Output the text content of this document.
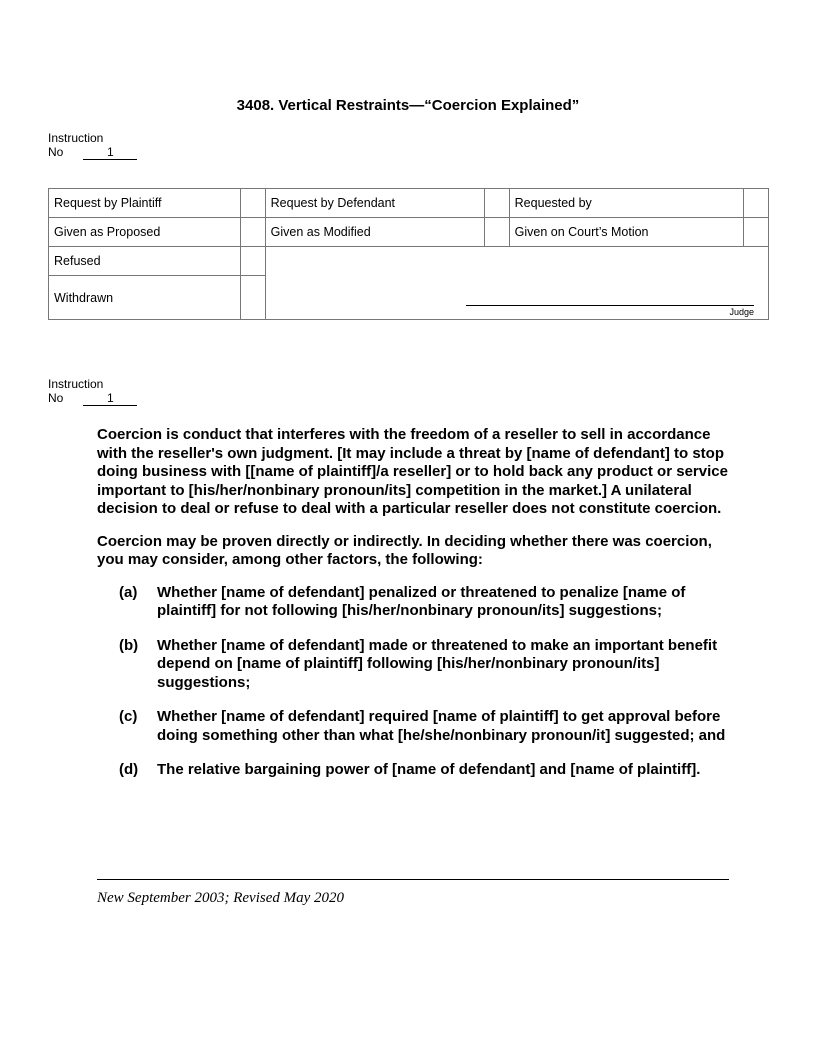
3408. Vertical Restraints—“Coercion Explained”
Instruction
No	1
Request by Plaintiff		Request by Defendant		Requested by	
Given as Proposed		Given as Modified		Given on Court’s Motion	
Refused		Judge			

Withdrawn					
Instruction
No	1

Coercion is conduct that interferes with the freedom of a reseller to sell in accordance with the reseller's own judgment. [It may include a threat by [name of defendant] to stop doing business with [[name of plaintiff]/a reseller] or to hold back any product or service important to [his/her/nonbinary pronoun/its] competition in the market.] A unilateral decision to deal or refuse to deal with a particular reseller does not constitute coercion.

Coercion may be proven directly or indirectly. In deciding whether there was coercion, you may consider, among other factors, the following:

(a) Whether [name of defendant] penalized or threatened to penalize [name of plaintiff] for not following [his/her/nonbinary pronoun/its] suggestions;
(b) Whether [name of defendant] made or threatened to make an important benefit depend on [name of plaintiff] following [his/her/nonbinary pronoun/its] suggestions;
(c) Whether [name of defendant] required [name of plaintiff] to get approval before doing something other than what [he/she/nonbinary pronoun/it] suggested; and
(d) The relative bargaining power of [name of defendant] and [name of plaintiff].
New September 2003; Revised May 2020
